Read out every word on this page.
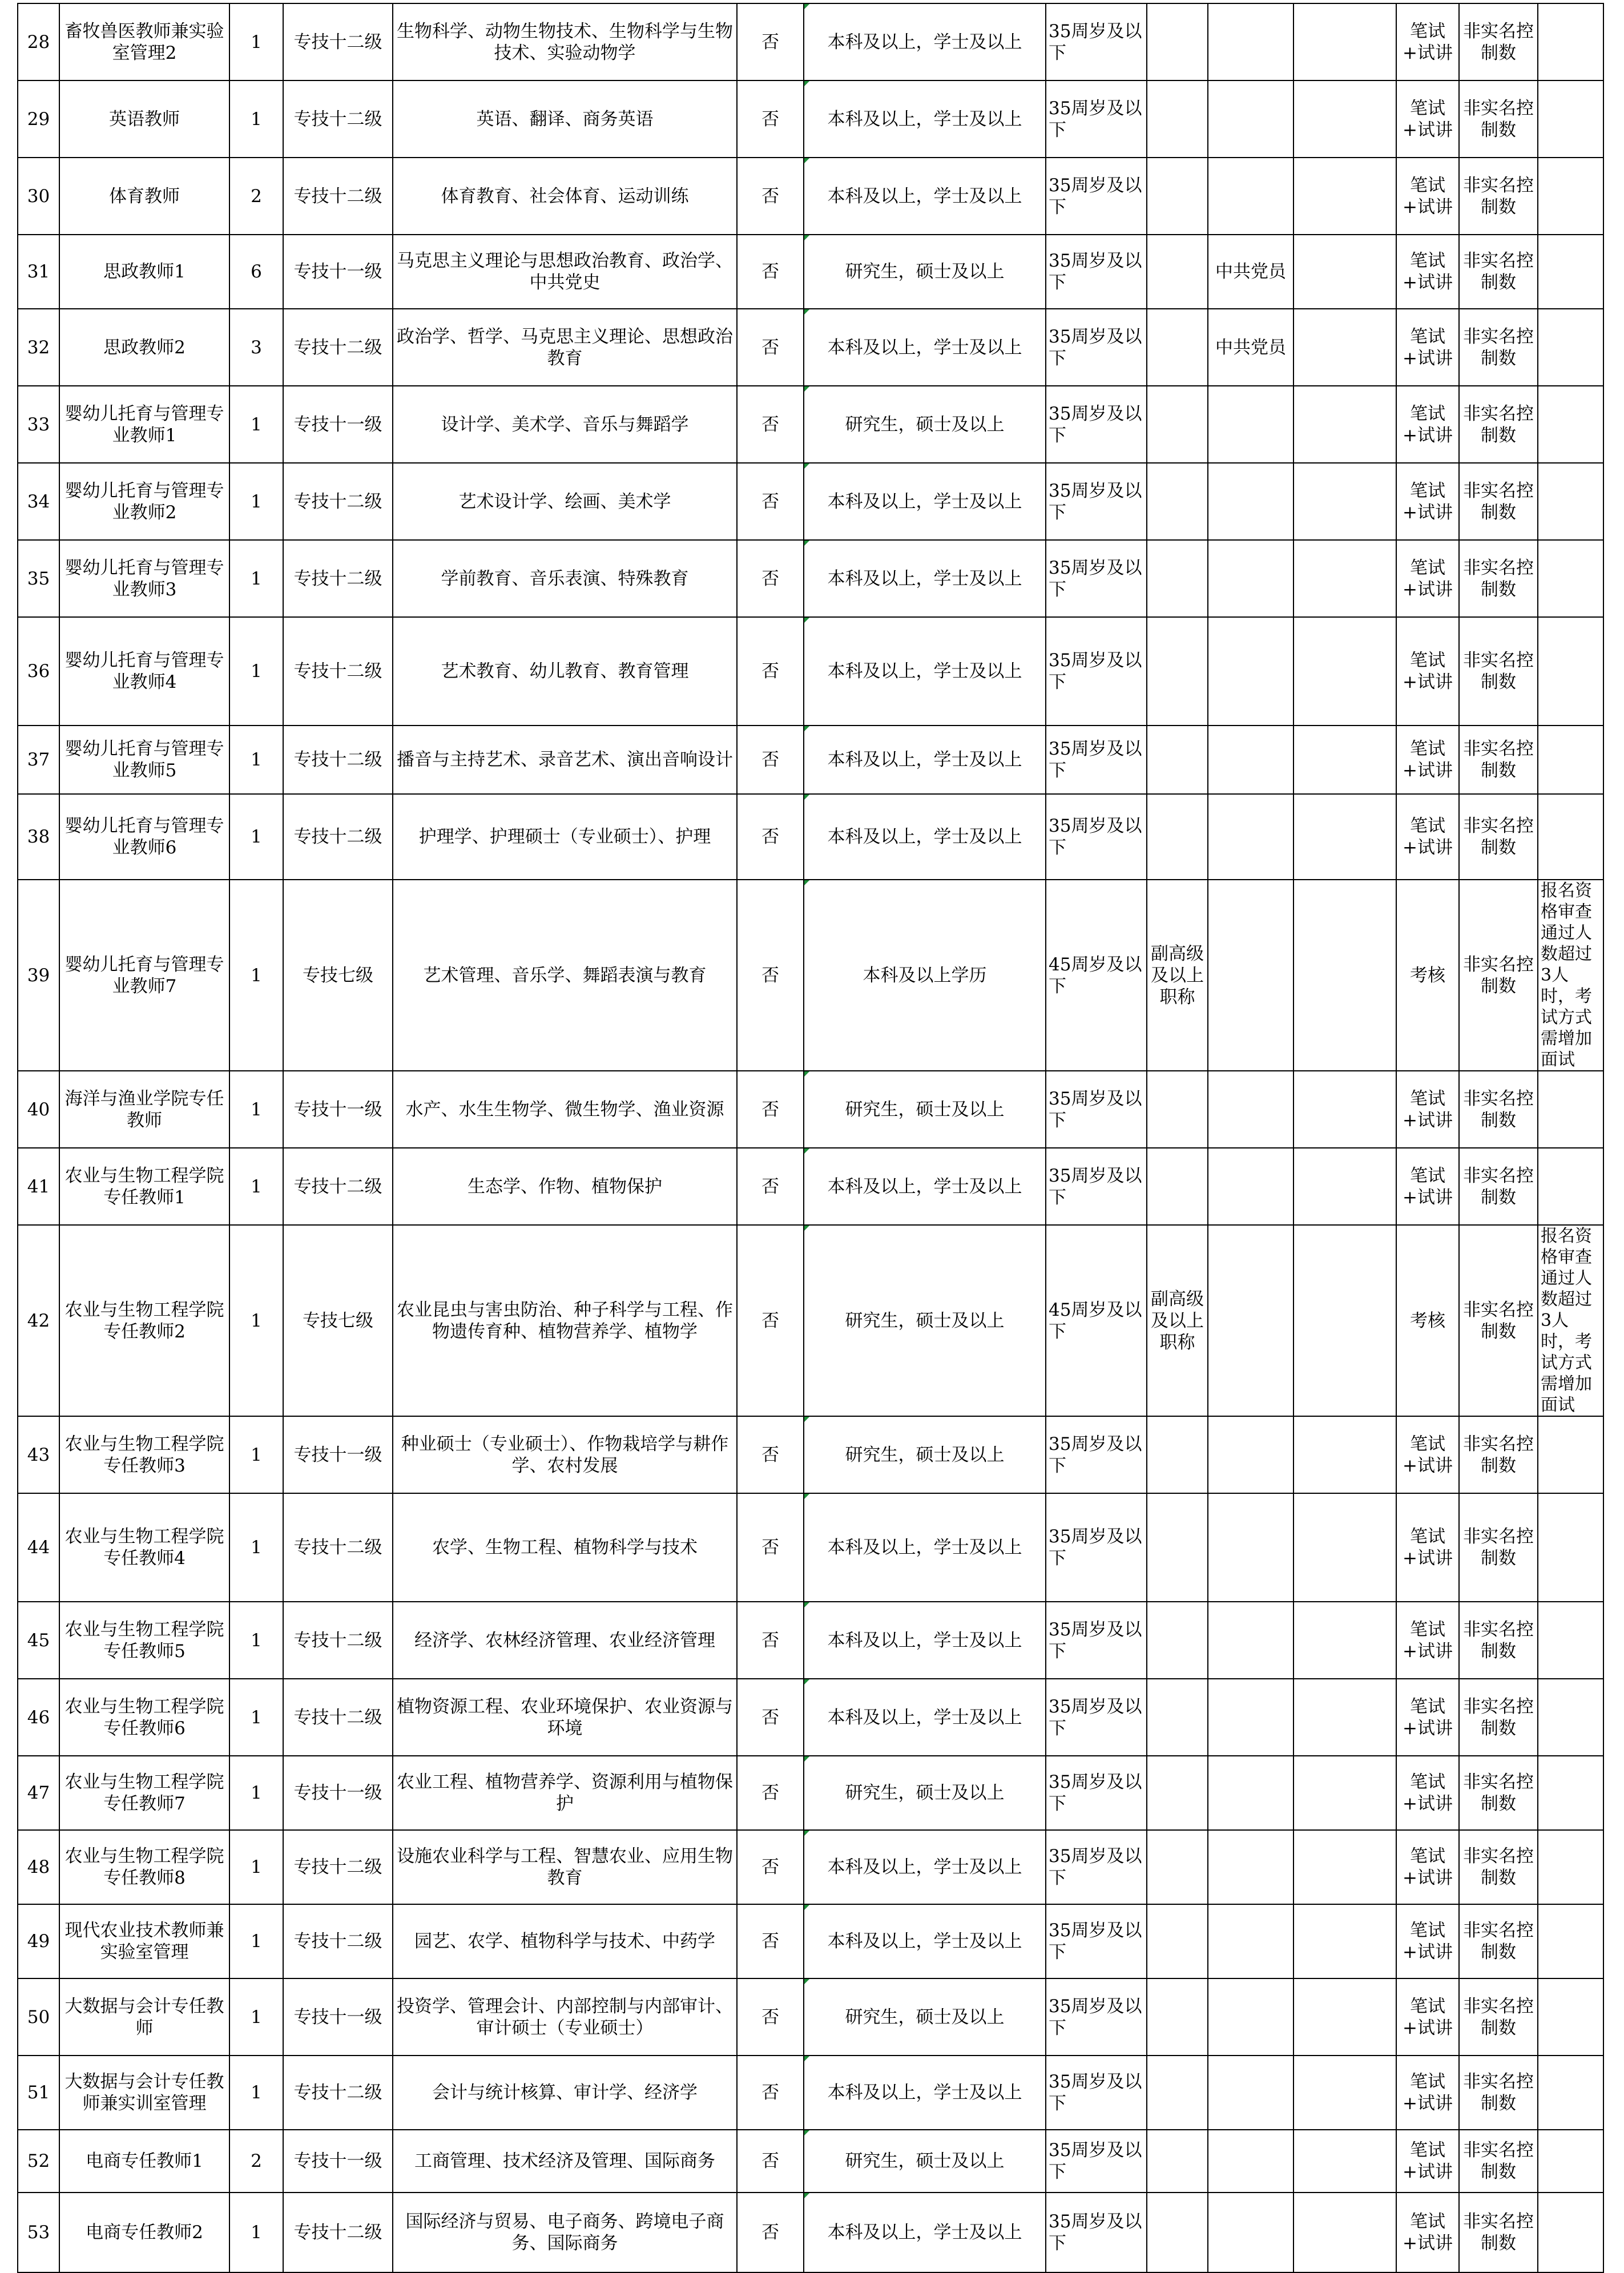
28	畜牧兽医教师兼实验室管理2	1	专技十二级	生物科学、动物生物技术、生物科学与生物技术、实验动物学	否	本科及以上，学士及以上	35周岁及以下				笔试+试讲	非实名控制数	
29	英语教师	1	专技十二级	英语、翻译、商务英语	否	本科及以上，学士及以上	35周岁及以下				笔试+试讲	非实名控制数	
30	体育教师	2	专技十二级	体育教育、社会体育、运动训练	否	本科及以上，学士及以上	35周岁及以下				笔试+试讲	非实名控制数	
31	思政教师1	6	专技十一级	马克思主义理论与思想政治教育、政治学、中共党史	否	研究生，硕士及以上	35周岁及以下		中共党员		笔试+试讲	非实名控制数	
32	思政教师2	3	专技十二级	政治学、哲学、马克思主义理论、思想政治教育	否	本科及以上，学士及以上	35周岁及以下		中共党员		笔试+试讲	非实名控制数	
33	婴幼儿托育与管理专业教师1	1	专技十一级	设计学、美术学、音乐与舞蹈学	否	研究生，硕士及以上	35周岁及以下				笔试+试讲	非实名控制数	
34	婴幼儿托育与管理专业教师2	1	专技十二级	艺术设计学、绘画、美术学	否	本科及以上，学士及以上	35周岁及以下				笔试+试讲	非实名控制数	
35	婴幼儿托育与管理专业教师3	1	专技十二级	学前教育、音乐表演、特殊教育	否	本科及以上，学士及以上	35周岁及以下				笔试+试讲	非实名控制数	
36	婴幼儿托育与管理专业教师4	1	专技十二级	艺术教育、幼儿教育、教育管理	否	本科及以上，学士及以上	35周岁及以下				笔试+试讲	非实名控制数	
37	婴幼儿托育与管理专业教师5	1	专技十二级	播音与主持艺术、录音艺术、演出音响设计	否	本科及以上，学士及以上	35周岁及以下				笔试+试讲	非实名控制数	
38	婴幼儿托育与管理专业教师6	1	专技十二级	护理学、护理硕士（专业硕士）、护理	否	本科及以上，学士及以上	35周岁及以下				笔试+试讲	非实名控制数	
39	婴幼儿托育与管理专业教师7	1	专技七级	艺术管理、音乐学、舞蹈表演与教育	否	本科及以上学历	45周岁及以下	副高级及以上职称			考核	非实名控制数	报名资格审查通过人数超过3人时，考试方式需增加面试
40	海洋与渔业学院专任教师	1	专技十一级	水产、水生生物学、微生物学、渔业资源	否	研究生，硕士及以上	35周岁及以下				笔试+试讲	非实名控制数	
41	农业与生物工程学院专任教师1	1	专技十二级	生态学、作物、植物保护	否	本科及以上，学士及以上	35周岁及以下				笔试+试讲	非实名控制数	
42	农业与生物工程学院专任教师2	1	专技七级	农业昆虫与害虫防治、种子科学与工程、作物遗传育种、植物营养学、植物学	否	研究生，硕士及以上	45周岁及以下	副高级及以上职称			考核	非实名控制数	报名资格审查通过人数超过3人时，考试方式需增加面试
43	农业与生物工程学院专任教师3	1	专技十一级	种业硕士（专业硕士）、作物栽培学与耕作学、农村发展	否	研究生，硕士及以上	35周岁及以下				笔试+试讲	非实名控制数	
44	农业与生物工程学院专任教师4	1	专技十二级	农学、生物工程、植物科学与技术	否	本科及以上，学士及以上	35周岁及以下				笔试+试讲	非实名控制数	
45	农业与生物工程学院专任教师5	1	专技十二级	经济学、农林经济管理、农业经济管理	否	本科及以上，学士及以上	35周岁及以下				笔试+试讲	非实名控制数	
46	农业与生物工程学院专任教师6	1	专技十二级	植物资源工程、农业环境保护、农业资源与环境	否	本科及以上，学士及以上	35周岁及以下				笔试+试讲	非实名控制数	
47	农业与生物工程学院专任教师7	1	专技十一级	农业工程、植物营养学、资源利用与植物保护	否	研究生，硕士及以上	35周岁及以下				笔试+试讲	非实名控制数	
48	农业与生物工程学院专任教师8	1	专技十二级	设施农业科学与工程、智慧农业、应用生物教育	否	本科及以上，学士及以上	35周岁及以下				笔试+试讲	非实名控制数	
49	现代农业技术教师兼实验室管理	1	专技十二级	园艺、农学、植物科学与技术、中药学	否	本科及以上，学士及以上	35周岁及以下				笔试+试讲	非实名控制数	
50	大数据与会计专任教师	1	专技十一级	投资学、管理会计、内部控制与内部审计、审计硕士（专业硕士）	否	研究生，硕士及以上	35周岁及以下				笔试+试讲	非实名控制数	
51	大数据与会计专任教师兼实训室管理	1	专技十二级	会计与统计核算、审计学、经济学	否	本科及以上，学士及以上	35周岁及以下				笔试+试讲	非实名控制数	
52	电商专任教师1	2	专技十一级	工商管理、技术经济及管理、国际商务	否	研究生，硕士及以上	35周岁及以下				笔试+试讲	非实名控制数	
53	电商专任教师2	1	专技十二级	国际经济与贸易、电子商务、跨境电子商务、国际商务	否	本科及以上，学士及以上	35周岁及以下				笔试+试讲	非实名控制数	
